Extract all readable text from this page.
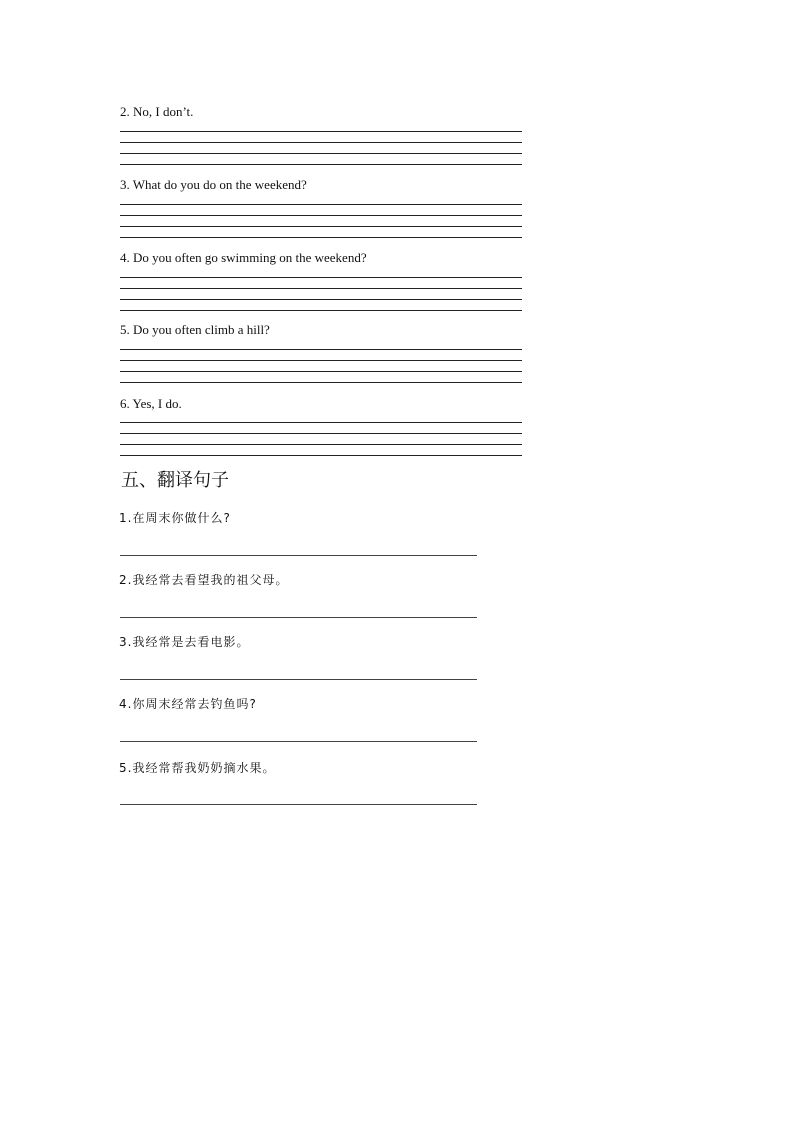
2. No, I don’t.
3. What do you do on the weekend?
4. Do you often go swimming on the weekend?
5. Do you often climb a hill?
6. Yes, I do.
五、翻译句子
1.在周末你做什么?
2.我经常去看望我的祖父母。
3.我经常是去看电影。
4.你周末经常去钓鱼吗?
5.我经常帮我奶奶摘水果。
